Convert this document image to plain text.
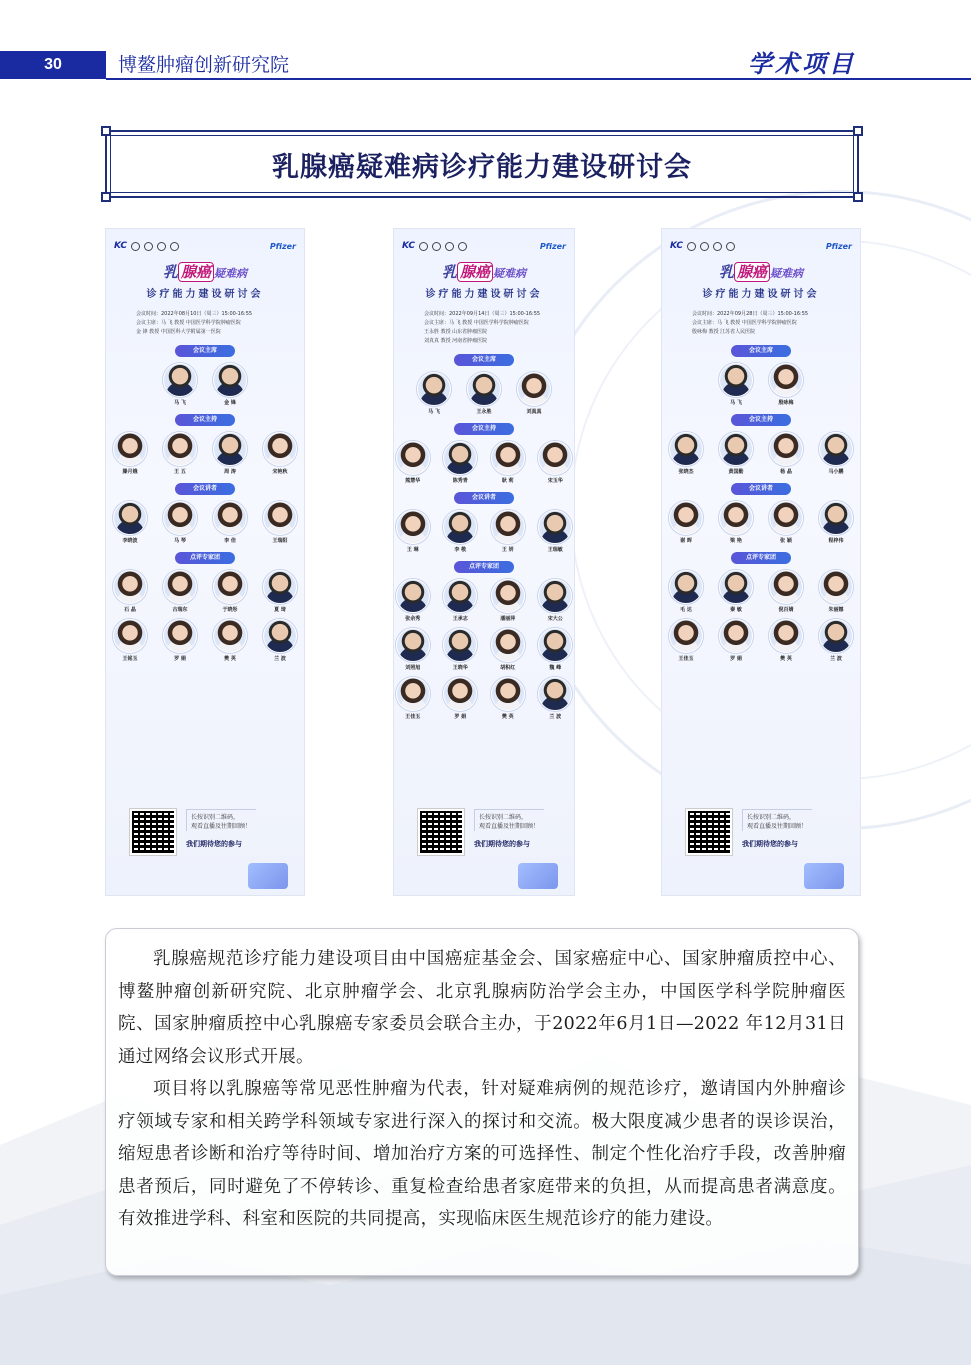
30	博鳌肿瘤创新研究院	学术项目
乳腺癌疑难病诊疗能力建设研讨会
KC	Pfizer
乳 腺癌 疑难病
诊疗能力建设研讨会
会议时间：2022年08月10日（周三）15:00-16:55
会议主席：马 飞 教授 中国医学科学院肿瘤医院
金 锋 教授 中国医科大学附属第一医院
会议主席
马 飞	金 锋
会议主持
滕月娥	王 五	周 涛	宋艳秋
会议讲者
李晓波	马 琴	李 佳	王瑞阳
点评专家团
石 晶	古瑞东	于晓彤	夏 琦
王铭玉	罗 娟	樊 英	兰 波
长按识别二维码，
观看直播及往期回顾！
我们期待您的参与
KC	Pfizer
乳 腺癌 疑难病
诊疗能力建设研讨会
会议时间：2022年09月14日（周三）15:00-16:55
会议主席：马 飞 教授 中国医学科学院肿瘤医院
王永胜 教授 山东省肿瘤医院
刘真真 教授 河南省肿瘤医院
会议主席
马 飞	王永胜	刘真真
会议主持
熊慧华	陈秀青	耿 莉	宋玉华
会议讲者
王 琳	李 敬	王 妍	王瑞敏
点评专家团
张余秀	王承志	潘丽萍	宋大公
刘照旭	王晓华	胡积红	魏 峰
王佳玉	罗 娟	樊 英	兰 波
长按识别二维码，
观看直播及往期回顾！
我们期待您的参与
KC	Pfizer
乳 腺癌 疑难病
诊疗能力建设研讨会
会议时间：2022年09月28日（周三）15:00-16:55
会议主席：马 飞 教授 中国医学科学院肿瘤医院
殷咏梅 教授 江苏省人民医院
会议主席
马 飞	殷咏梅
会议主持
张晓杰	黄国勤	杨 晶	马小鹏
会议讲者
谢 晖	梁 艳	张 颖	程梓伟
点评专家团
毛 达	秦 敏	倪百婧	朱丽娜
王佳玉	罗 娟	樊 英	兰 波
长按识别二维码，
观看直播及往期回顾！
我们期待您的参与

乳腺癌规范诊疗能力建设项目由中国癌症基金会、国家癌症中心、国家肿瘤质控中心、博鳌肿瘤创新研究院、北京肿瘤学会、北京乳腺病防治学会主办，中国医学科学院肿瘤医院、国家肿瘤质控中心乳腺癌专家委员会联合主办，于2022年6月1日—2022 年12月31日通过网络会议形式开展。

项目将以乳腺癌等常见恶性肿瘤为代表，针对疑难病例的规范诊疗，邀请国内外肿瘤诊疗领域专家和相关跨学科领域专家进行深入的探讨和交流。极大限度减少患者的误诊误治，缩短患者诊断和治疗等待时间、增加治疗方案的可选择性、制定个性化治疗手段，改善肿瘤患者预后，同时避免了不停转诊、重复检查给患者家庭带来的负担，从而提高患者满意度。有效推进学科、科室和医院的共同提高，实现临床医生规范诊疗的能力建设。
